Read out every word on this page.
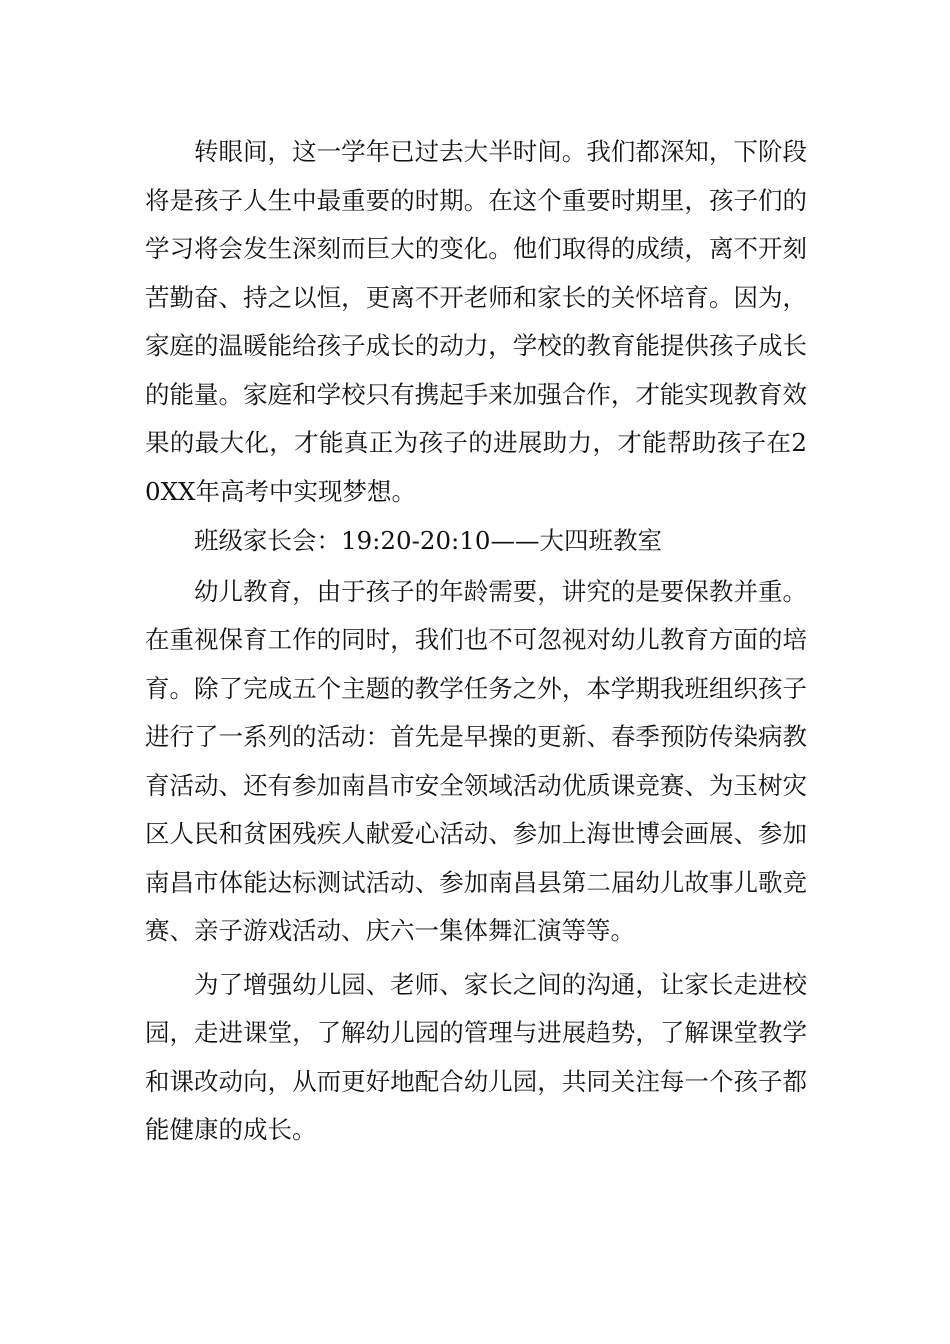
转眼间，这一学年已过去大半时间。我们都深知，下阶段将是孩子人生中最重要的时期。在这个重要时期里，孩子们的学习将会发生深刻而巨大的变化。他们取得的成绩，离不开刻苦勤奋、持之以恒，更离不开老师和家长的关怀培育。因为，家庭的温暖能给孩子成长的动力，学校的教育能提供孩子成长的能量。家庭和学校只有携起手来加强合作，才能实现教育效果的最大化，才能真正为孩子的进展助力，才能帮助孩子在20XX年高考中实现梦想。

班级家长会：19:20-20:10——大四班教室

幼儿教育，由于孩子的年龄需要，讲究的是要保教并重。在重视保育工作的同时，我们也不可忽视对幼儿教育方面的培育。除了完成五个主题的教学任务之外，本学期我班组织孩子进行了一系列的活动：首先是早操的更新、春季预防传染病教育活动、还有参加南昌市安全领域活动优质课竞赛、为玉树灾区人民和贫困残疾人献爱心活动、参加上海世博会画展、参加南昌市体能达标测试活动、参加南昌县第二届幼儿故事儿歌竞赛、亲子游戏活动、庆六一集体舞汇演等等。

为了增强幼儿园、老师、家长之间的沟通，让家长走进校园，走进课堂，了解幼儿园的管理与进展趋势，了解课堂教学和课改动向，从而更好地配合幼儿园，共同关注每一个孩子都能健康的成长。
